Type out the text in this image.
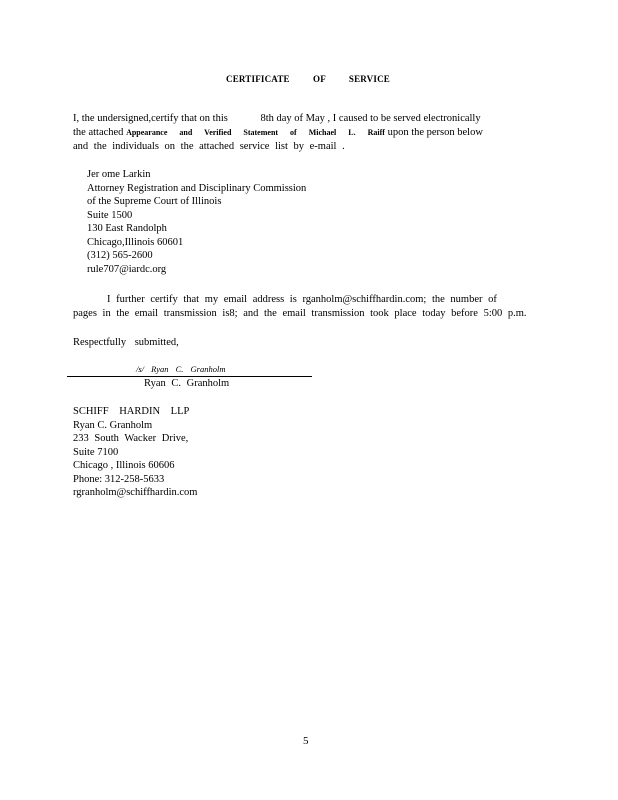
CERTIFICATE OF SERVICE
I, the undersigned,certify that on this	8th day of May , I caused to be served electronically
the attached Appearance and Verified Statement of Michael L. Raiff upon the person below
and the individuals on the attached service list by e-mail .
Jer ome Larkin
Attorney Registration and Disciplinary Commission
of the Supreme Court of Illinois
Suite 1500
130 East Randolph
Chicago,Illinois 60601
(312) 565-2600
rule707@iardc.org
I further certify that my email address is rganholm@schiffhardin.com; the number of
pages in the email transmission is8; and the email transmission took place today before 5:00 p.m.
Respectfully submitted,
/s/ Ryan C. Granholm
Ryan C. Granholm
SCHIFF HARDIN LLP
Ryan C. Granholm
233 South Wacker Drive,
Suite 7100
Chicago , Illinois 60606
Phone: 312-258-5633
rgranholm@schiffhardin.com
5
